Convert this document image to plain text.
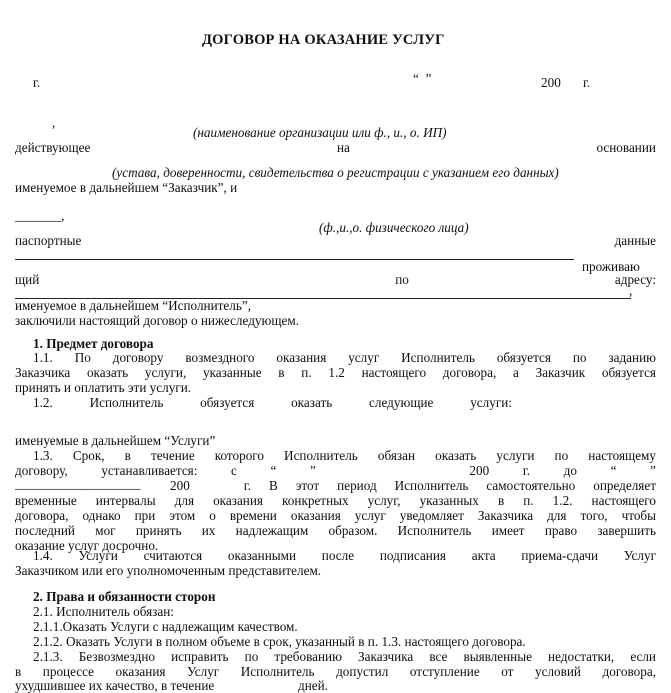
ДОГОВОР НА ОКАЗАНИЕ УСЛУГ
г.	“  ”	200 г.
,
(наименование организации или ф., и., о. ИП)
действующее	на	основании
(устава, доверенности, свидетельства о регистрации с указанием его данных)
именуемое в дальнейшем “Заказчик”, и
_______,
(ф.,и.,о. физического лица)
паспортные	данные
проживаю
щий	по	адресу:
,
именуемое в дальнейшем “Исполнитель”,
заключили настоящий договор о нижеследующем.
1. Предмет договора
1.1. По договору возмездного оказания услуг Исполнитель обязуется по заданию
Заказчика оказать услуги, указанные в п. 1.2 настоящего договора, а Заказчик обязуется
принять и оплатить эти услуги.
1.2.	Исполнитель	обязуется	оказать	следующие	услуги:
именуемые в дальнейшем “Услуги”
1.3. Срок, в течение которого Исполнитель обязан оказать услуги по настоящему
договору,	устанавливается:	с	“	”	200	г.	до	“	”
___________________ 200   г. В этот период Исполнитель самостоятельно определяет
временные интервалы для оказания конкретных услуг, указанных в п. 1.2. настоящего
договора, однако при этом о времени оказания услуг уведомляет Заказчика для того, чтобы
последний мог принять их надлежащим образом. Исполнитель имеет право завершить
оказание услуг досрочно.
1.4. Услуги считаются оказанными после подписания акта приема-сдачи Услуг
Заказчиком или его уполномоченным представителем.
2. Права и обязанности сторон
2.1. Исполнитель обязан:
2.1.1.Оказать Услуги с надлежащим качеством.
2.1.2. Оказать Услуги в полном объеме в срок, указанный в п. 1.3. настоящего договора.
2.1.3. Безвозмездно исправить по требованию Заказчика все выявленные недостатки, если
в процессе оказания Услуг Исполнитель допустил отступление от условий договора,
ухудшившее их качество, в течение	дней.
